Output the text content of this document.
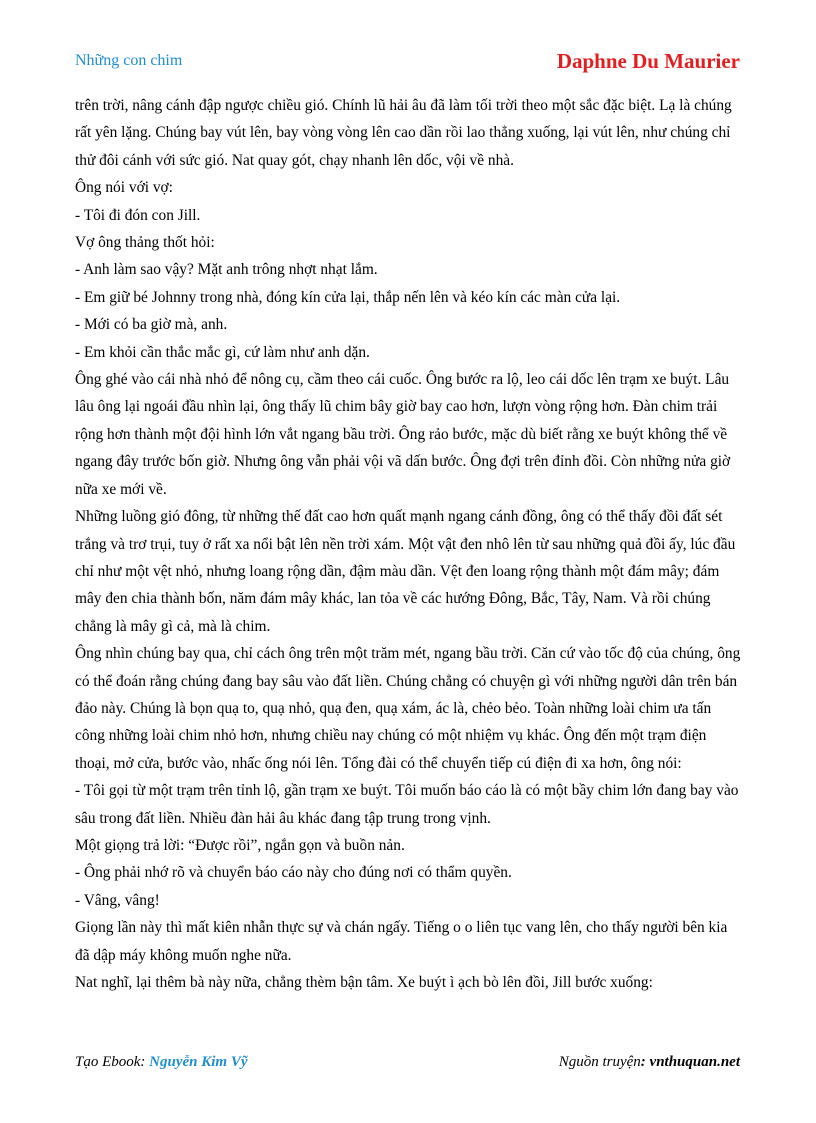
Những con chim	Daphne Du Maurier

trên trời, nâng cánh đập ngược chiều gió. Chính lũ hải âu đã làm tối trời theo một sắc đặc biệt. Lạ là chúng rất yên lặng. Chúng bay vút lên, bay vòng vòng lên cao dần rồi lao thẳng xuống, lại vút lên, như chúng chỉ thử đôi cánh với sức gió. Nat quay gót, chạy nhanh lên dốc, vội về nhà.

Ông nói với vợ:

- Tôi đi đón con Jill.

Vợ ông thảng thốt hỏi:

- Anh làm sao vậy? Mặt anh trông nhợt nhạt lắm.

- Em giữ bé Johnny trong nhà, đóng kín cửa lại, thắp nến lên và kéo kín các màn cửa lại.

- Mới có ba giờ mà, anh.

- Em khỏi cần thắc mắc gì, cứ làm như anh dặn.

Ông ghé vào cái nhà nhỏ để nông cụ, cầm theo cái cuốc. Ông bước ra lộ, leo cái dốc lên trạm xe buýt. Lâu lâu ông lại ngoái đầu nhìn lại, ông thấy lũ chim bây giờ bay cao hơn, lượn vòng rộng hơn. Đàn chim trải rộng hơn thành một đội hình lớn vắt ngang bầu trời. Ông rảo bước, mặc dù biết rằng xe buýt không thể về ngang đây trước bốn giờ. Nhưng ông vẫn phải vội vã dấn bước. Ông đợi trên đỉnh đồi. Còn những nửa giờ nữa xe mới về.

Những luồng gió đông, từ những thế đất cao hơn quất mạnh ngang cánh đồng, ông có thể thấy đồi đất sét trắng và trơ trụi, tuy ở rất xa nổi bật lên nền trời xám. Một vật đen nhô lên từ sau những quả đồi ấy, lúc đầu chỉ như một vệt nhỏ, nhưng loang rộng dần, đậm màu dần. Vệt đen loang rộng thành một đám mây; đám mây đen chia thành bốn, năm đám mây khác, lan tỏa về các hướng Đông, Bắc, Tây, Nam. Và rồi chúng chẳng là mây gì cả, mà là chim.

Ông nhìn chúng bay qua, chỉ cách ông trên một trăm mét, ngang bầu trời. Căn cứ vào tốc độ của chúng, ông có thể đoán rằng chúng đang bay sâu vào đất liền. Chúng chẳng có chuyện gì với những người dân trên bán đảo này. Chúng là bọn quạ to, quạ nhỏ, quạ đen, quạ xám, ác là, chẻo bẻo. Toàn những loài chim ưa tấn công những loài chim nhỏ hơn, nhưng chiều nay chúng có một nhiệm vụ khác. Ông đến một trạm điện thoại, mở cửa, bước vào, nhấc ống nói lên. Tổng đài có thể chuyển tiếp cú điện đi xa hơn, ông nói:

- Tôi gọi từ một trạm trên tỉnh lộ, gần trạm xe buýt. Tôi muốn báo cáo là có một bầy chim lớn đang bay vào sâu trong đất liền. Nhiều đàn hải âu khác đang tập trung trong vịnh.

Một giọng trả lời: “Được rồi”, ngắn gọn và buồn nản.

- Ông phải nhớ rõ và chuyển báo cáo này cho đúng nơi có thẩm quyền.

- Vâng, vâng!

Giọng lần này thì mất kiên nhẫn thực sự và chán ngấy. Tiếng o o liên tục vang lên, cho thấy người bên kia đã dập máy không muốn nghe nữa.

Nat nghĩ, lại thêm bà này nữa, chẳng thèm bận tâm. Xe buýt ì ạch bò lên đồi, Jill bước xuống:

Tạo Ebook: Nguyễn Kim Vỹ	Nguồn truyện: vnthuquan.net
